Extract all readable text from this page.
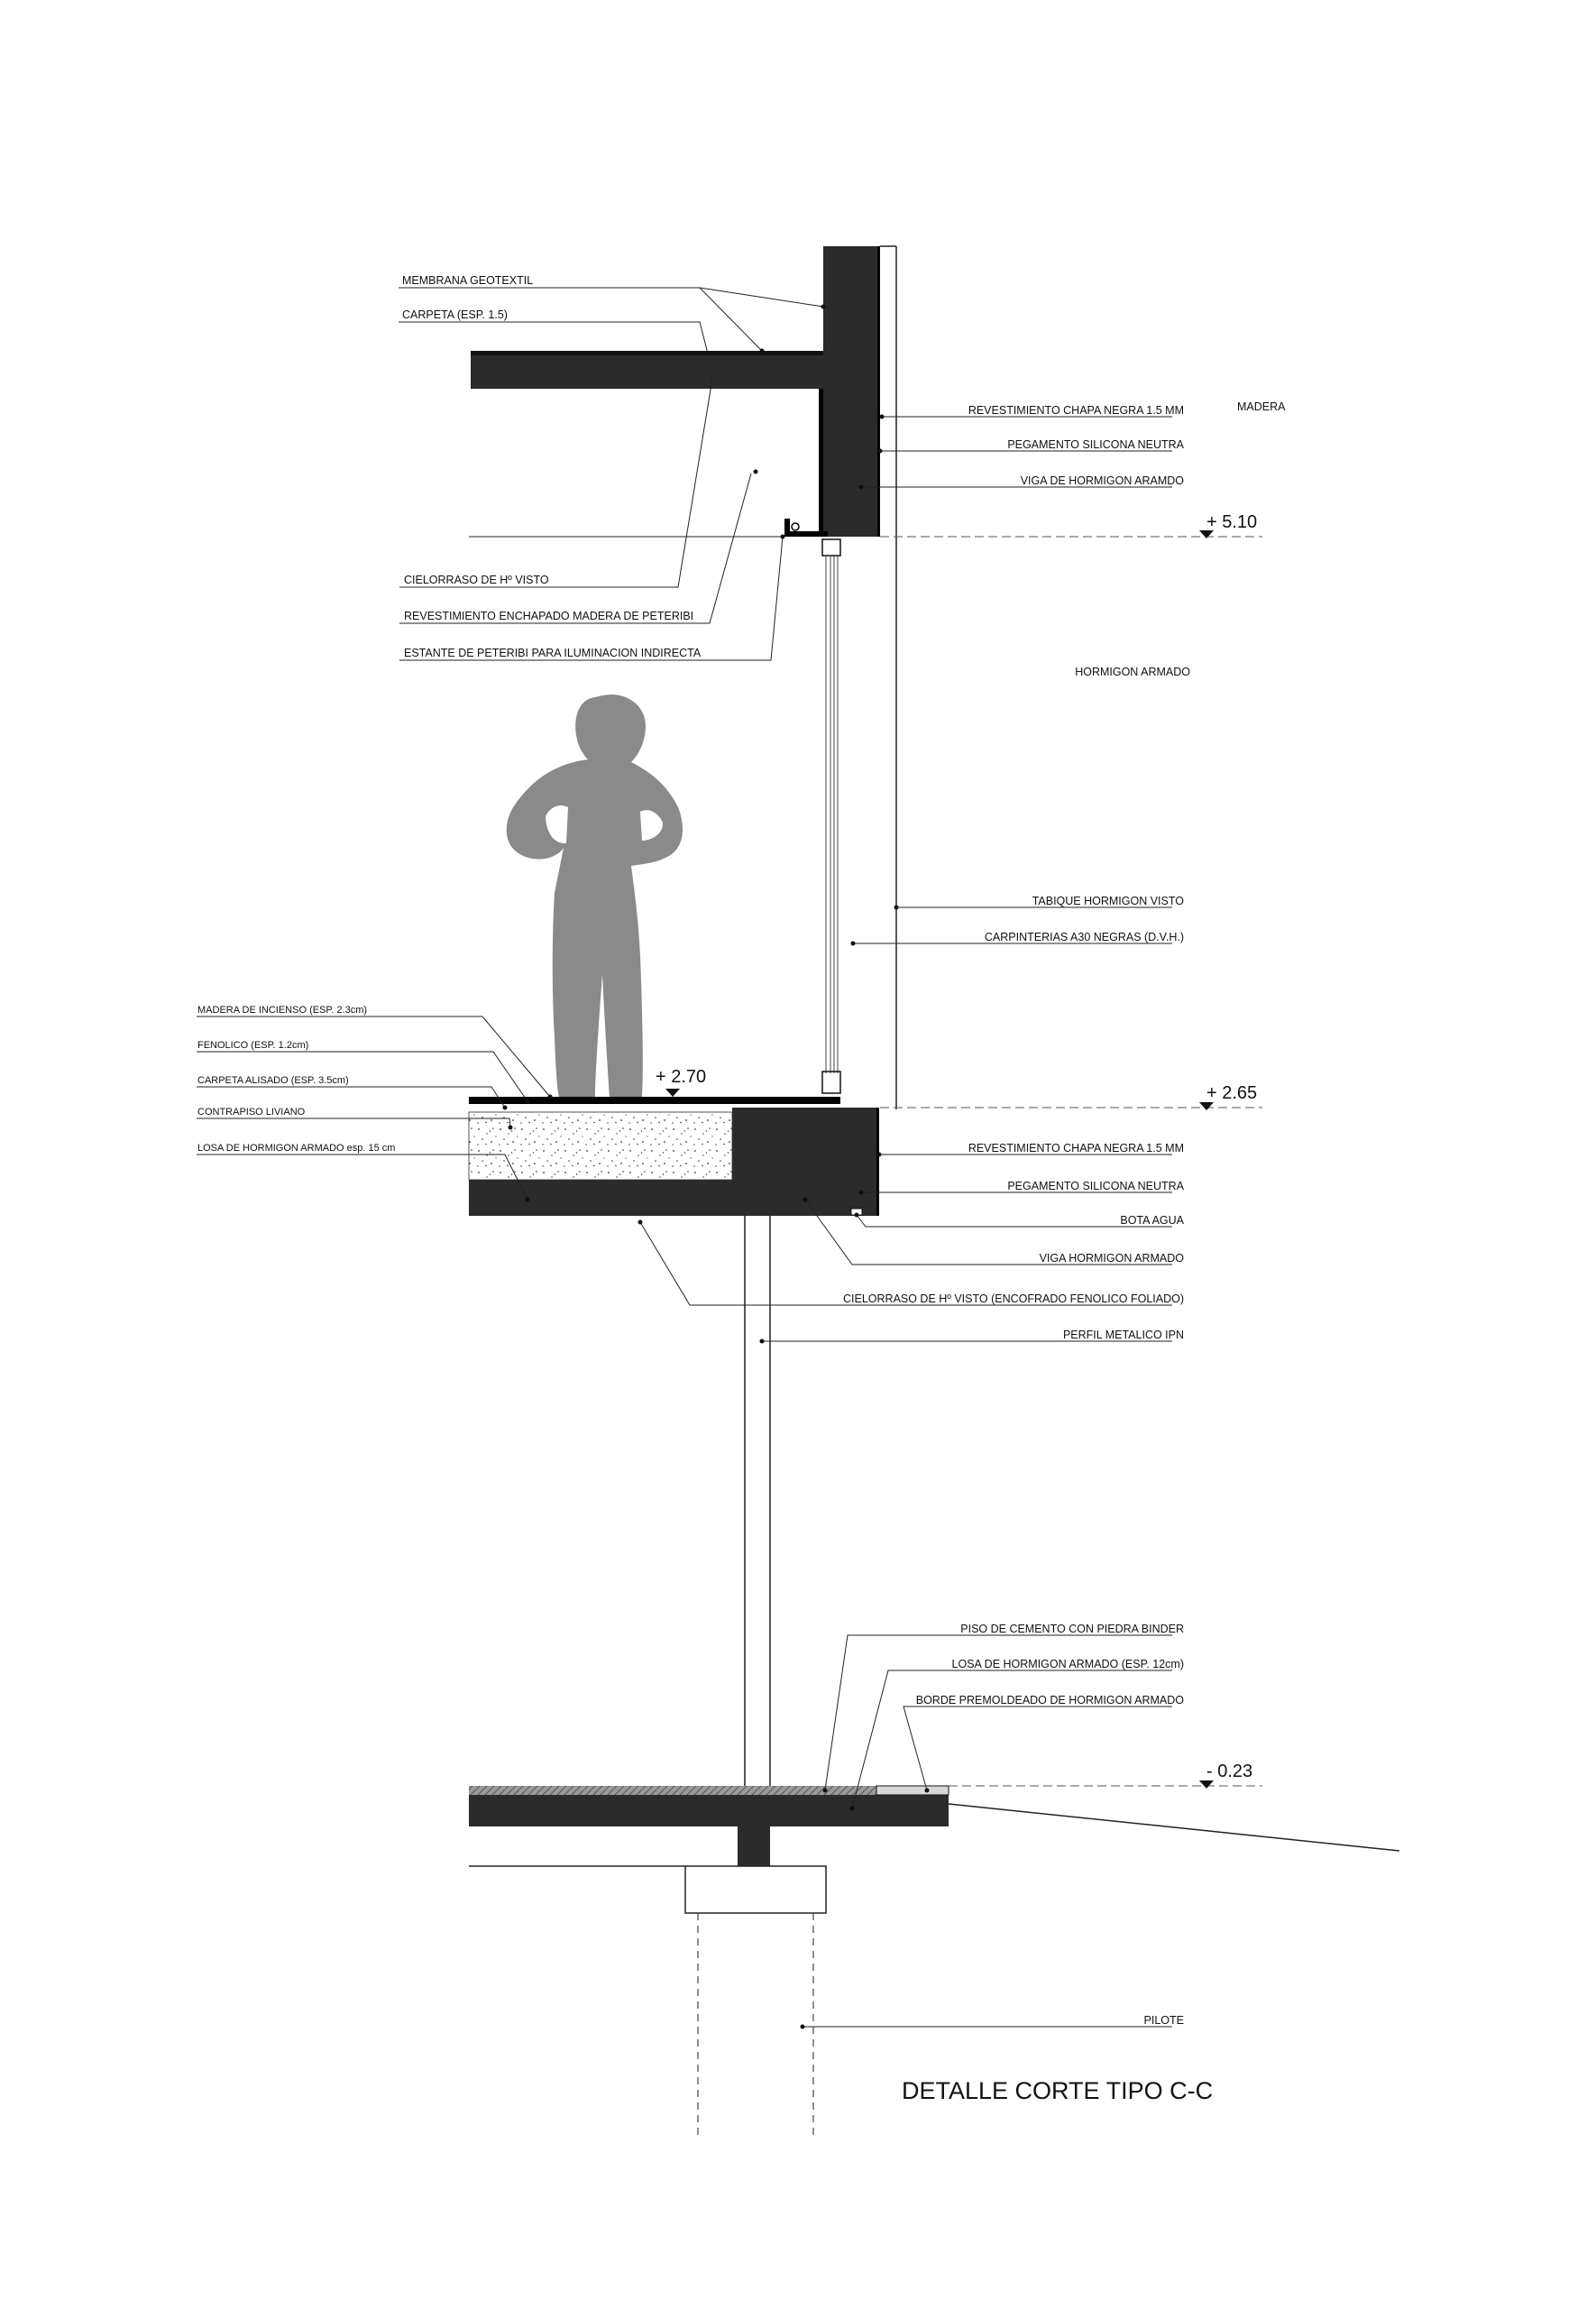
MEMBRANA GEOTEXTIL
CARPETA (ESP. 1.5)
CIELORRASO DE Hº VISTO
REVESTIMIENTO ENCHAPADO MADERA DE PETERIBI
ESTANTE DE PETERIBI PARA ILUMINACION INDIRECTA
REVESTIMIENTO CHAPA NEGRA 1.5 MM	MADERA
PEGAMENTO SILICONA NEUTRA
VIGA DE HORMIGON ARAMDO
HORMIGON ARMADO
TABIQUE HORMIGON VISTO
CARPINTERIAS A30 NEGRAS (D.V.H.)
MADERA DE INCIENSO (ESP. 2.3cm)
FENOLICO (ESP. 1.2cm)
CARPETA ALISADO (ESP. 3.5cm)
CONTRAPISO LIVIANO
LOSA DE HORMIGON ARMADO esp. 15 cm	REVESTIMIENTO CHAPA NEGRA 1.5 MM
PEGAMENTO SILICONA NEUTRA
BOTA AGUA
VIGA HORMIGON ARMADO
CIELORRASO DE Hº VISTO (ENCOFRADO FENOLICO FOLIADO)
PERFIL METALICO IPN
PISO DE CEMENTO CON PIEDRA BINDER
LOSA DE HORMIGON ARMADO (ESP. 12cm)
BORDE PREMOLDEADO DE HORMIGON ARMADO
PILOTE
+ 5.10
+ 2.70
+ 2.65
- 0.23
DETALLE CORTE TIPO C-C
